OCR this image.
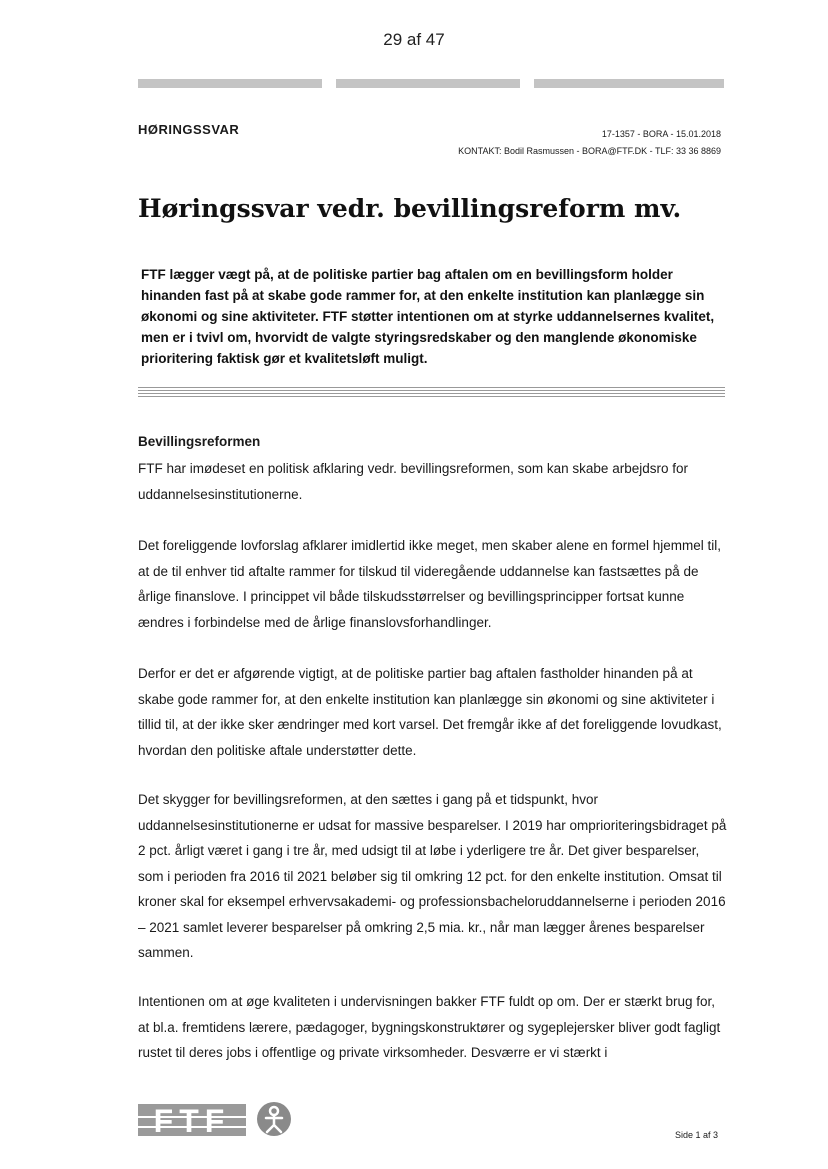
29 af 47
HØRINGSSVAR	17-1357 - BORA - 15.01.2018
KONTAKT: Bodil Rasmussen - BORA@FTF.DK - TLF: 33 36 8869
Høringssvar vedr. bevillingsreform mv.

FTF lægger vægt på, at de politiske partier bag aftalen om en bevillingsform holder hinanden fast på at skabe gode rammer for, at den enkelte institution kan planlægge sin økonomi og sine aktiviteter. FTF støtter intentionen om at styrke uddannelsernes kvalitet, men er i tvivl om, hvorvidt de valgte styringsredskaber og den manglende økonomiske prioritering faktisk gør et kvalitetsløft muligt.

Bevillingsreformen

FTF har imødeset en politisk afklaring vedr. bevillingsreformen, som kan skabe arbejdsro for uddannelsesinstitutionerne.

Det foreliggende lovforslag afklarer imidlertid ikke meget, men skaber alene en formel hjemmel til, at de til enhver tid aftalte rammer for tilskud til videregående uddannelse kan fastsættes på de årlige finanslove. I princippet vil både tilskudsstørrelser og bevillingsprincipper fortsat kunne ændres i forbindelse med de årlige finanslovsforhandlinger.

Derfor er det er afgørende vigtigt, at de politiske partier bag aftalen fastholder hinanden på at skabe gode rammer for, at den enkelte institution kan planlægge sin økonomi og sine aktiviteter i tillid til, at der ikke sker ændringer med kort varsel. Det fremgår ikke af det foreliggende lovudkast, hvordan den politiske aftale understøtter dette.

Det skygger for bevillingsreformen, at den sættes i gang på et tidspunkt, hvor uddannelsesinstitutionerne er udsat for massive besparelser. I 2019 har omprioriteringsbidraget på 2 pct. årligt været i gang i tre år, med udsigt til at løbe i yderligere tre år. Det giver besparelser, som i perioden fra 2016 til 2021 beløber sig til omkring 12 pct. for den enkelte institution. Omsat til kroner skal for eksempel erhvervsakademi- og professionsbacheloruddannelserne i perioden 2016 – 2021 samlet leverer besparelser på omkring 2,5 mia. kr., når man lægger årenes besparelser sammen.

Intentionen om at øge kvaliteten i undervisningen bakker FTF fuldt op om. Der er stærkt brug for, at bl.a. fremtidens lærere, pædagoger, bygningskonstruktører og sygeplejersker bliver godt fagligt rustet til deres jobs i offentlige og private virksomheder. Desværre er vi stærkt i

FTF	Side 1 af 3
